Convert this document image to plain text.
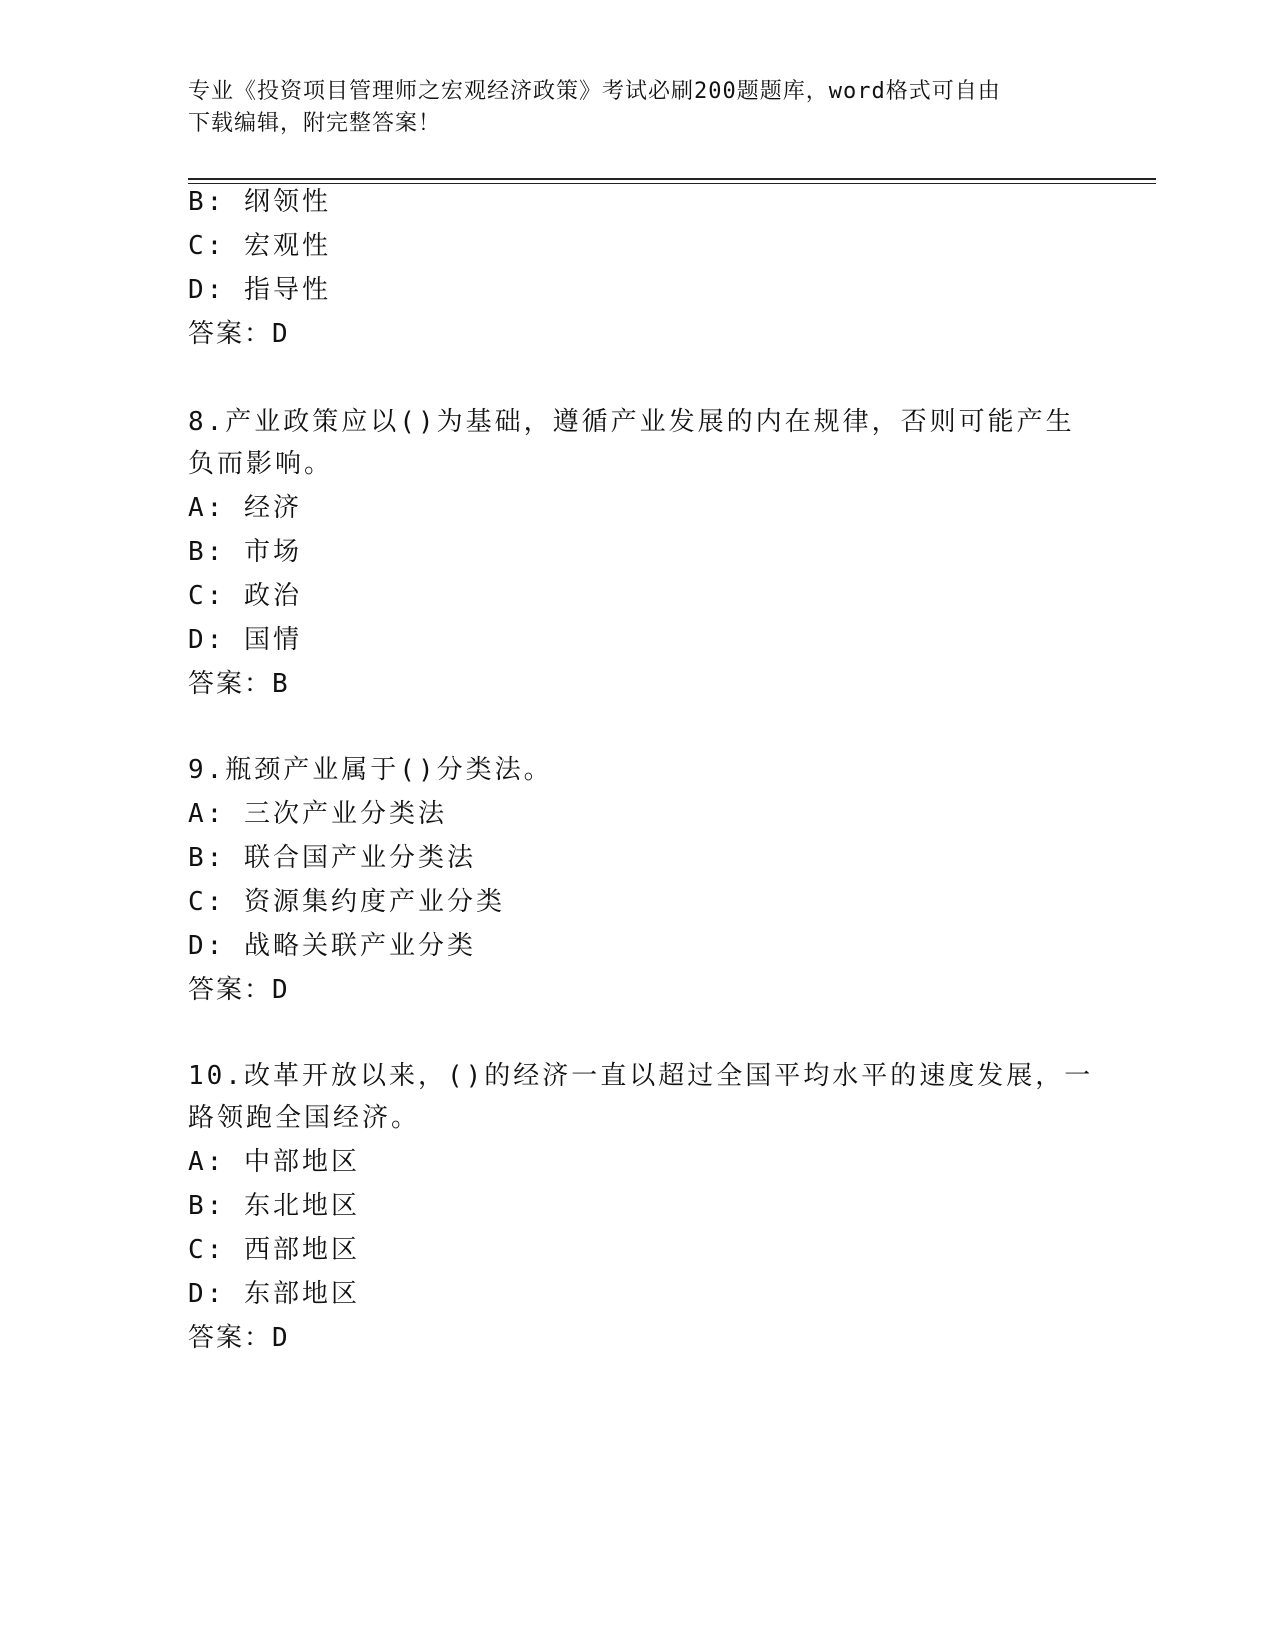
专业《投资项目管理师之宏观经济政策》考试必刷200题题库，word格式可自由
下载编辑，附完整答案！
B: 纲领性
C: 宏观性
D: 指导性
答案：D
8.产业政策应以()为基础，遵循产业发展的内在规律，否则可能产生
负而影响。
A: 经济
B: 市场
C: 政治
D: 国情
答案：B
9.瓶颈产业属于()分类法。
A: 三次产业分类法
B: 联合国产业分类法
C: 资源集约度产业分类
D: 战略关联产业分类
答案：D
10.改革开放以来，()的经济一直以超过全国平均水平的速度发展，一
路领跑全国经济。
A: 中部地区
B: 东北地区
C: 西部地区
D: 东部地区
答案：D
